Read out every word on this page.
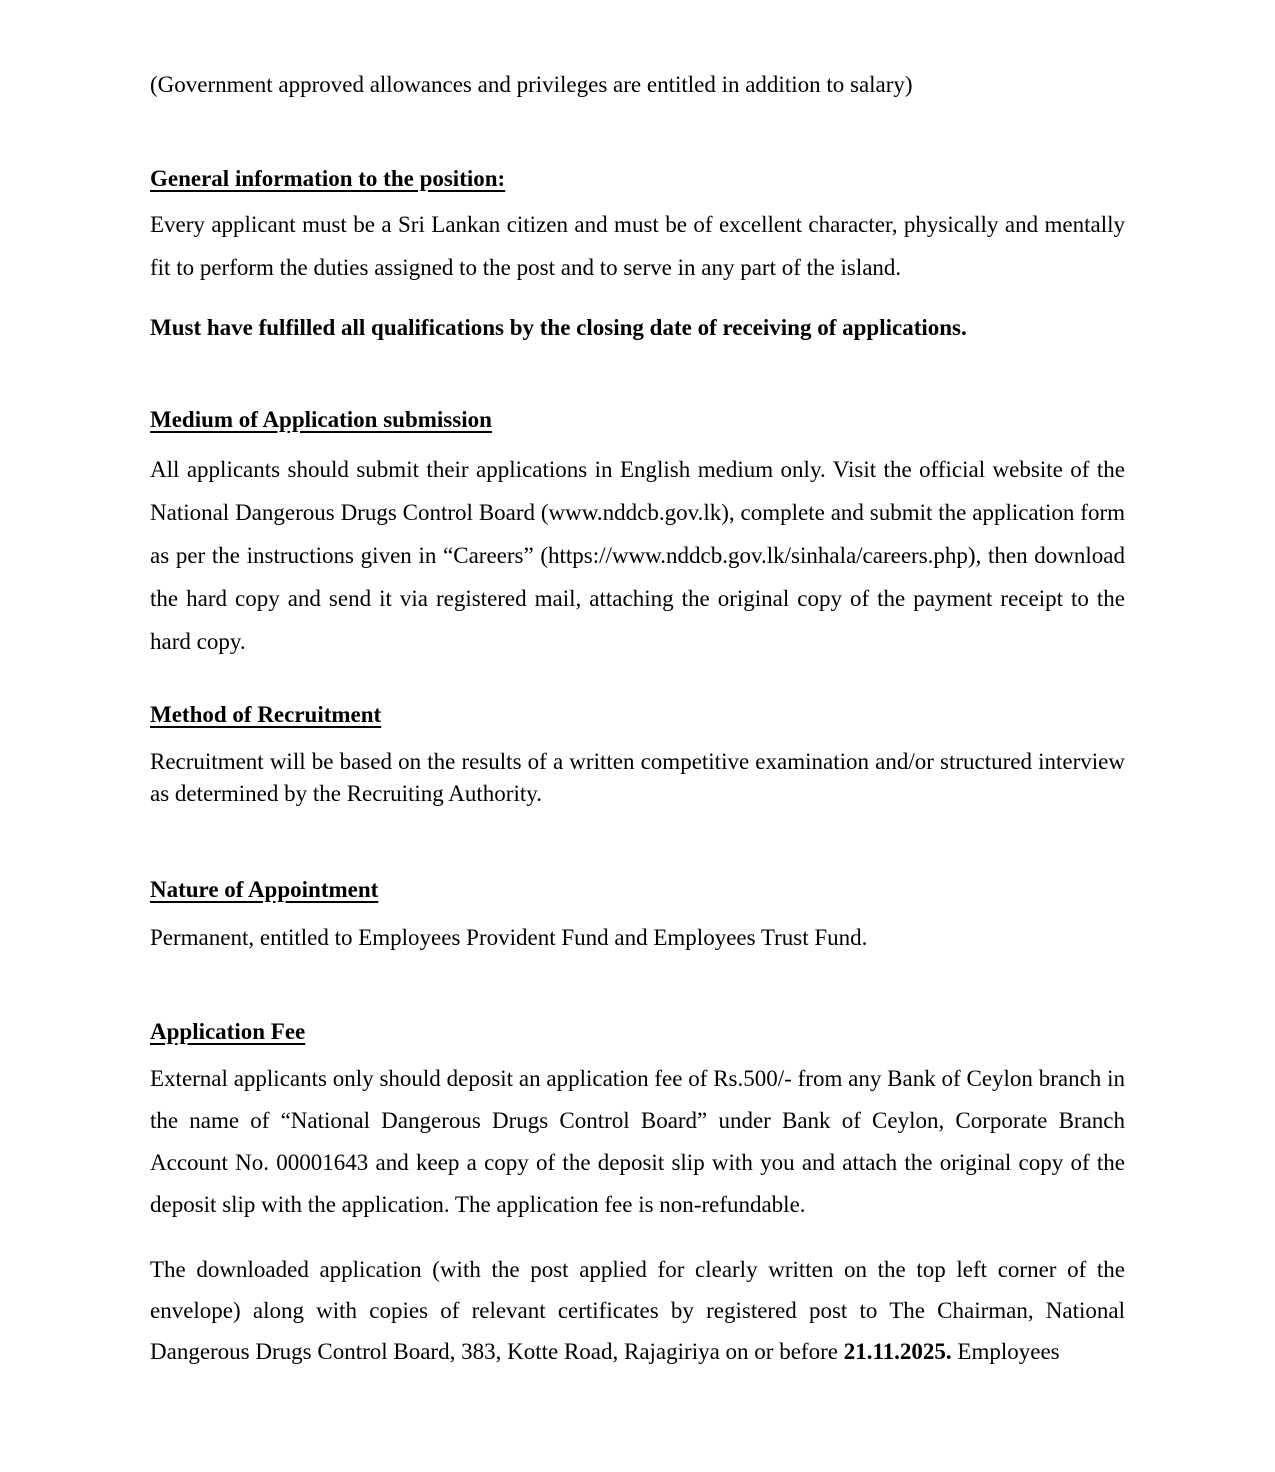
(Government approved allowances and privileges are entitled in addition to salary)

General information to the position:

Every applicant must be a Sri Lankan citizen and must be of excellent character, physically and mentally fit to perform the duties assigned to the post and to serve in any part of the island.

Must have fulfilled all qualifications by the closing date of receiving of applications.

Medium of Application submission

All applicants should submit their applications in English medium only. Visit the official website of the National Dangerous Drugs Control Board (www.nddcb.gov.lk), complete and submit the application form as per the instructions given in “Careers” (https://www.nddcb.gov.lk/sinhala/careers.php), then download the hard copy and send it via registered mail, attaching the original copy of the payment receipt to the hard copy.

Method of Recruitment

Recruitment will be based on the results of a written competitive examination and/or structured interview as determined by the Recruiting Authority.

Nature of Appointment

Permanent, entitled to Employees Provident Fund and Employees Trust Fund.

Application Fee

External applicants only should deposit an application fee of Rs.500/- from any Bank of Ceylon branch in the name of “National Dangerous Drugs Control Board” under Bank of Ceylon, Corporate Branch Account No. 00001643 and keep a copy of the deposit slip with you and attach the original copy of the deposit slip with the application. The application fee is non-refundable.

The downloaded application (with the post applied for clearly written on the top left corner of the envelope) along with copies of relevant certificates by registered post to The Chairman, National Dangerous Drugs Control Board, 383, Kotte Road, Rajagiriya on or before 21.11.2025. Employees
